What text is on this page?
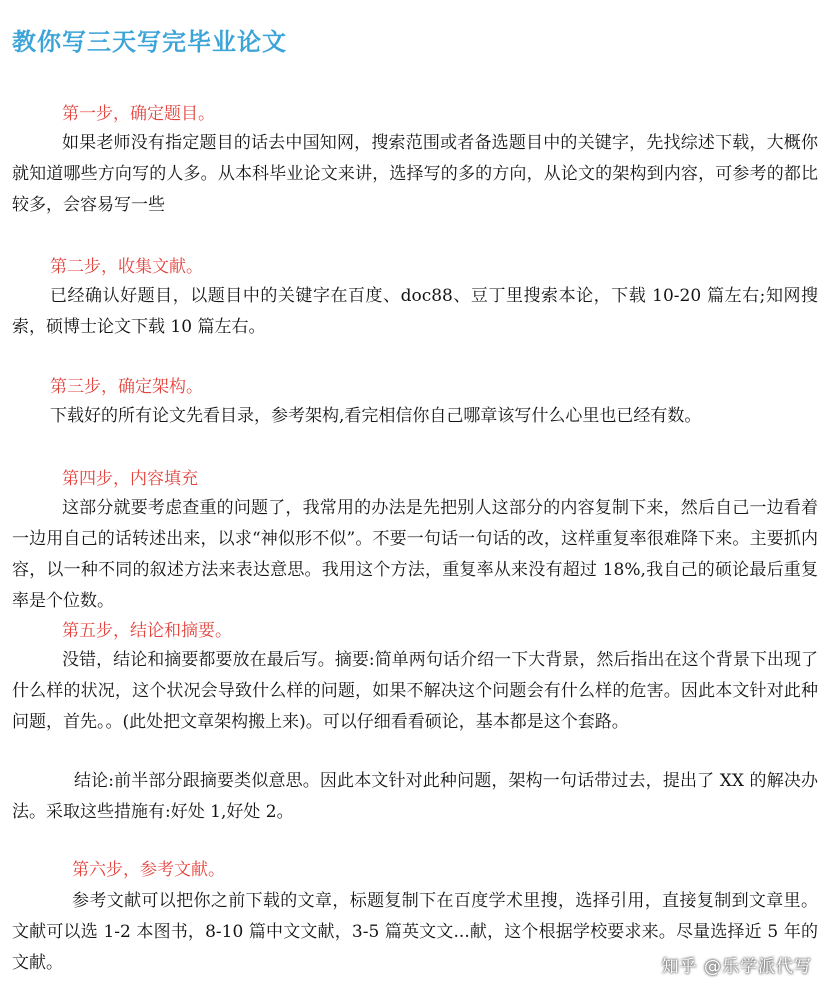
教你写三天写完毕业论文
第一步，确定题目。

如果老师没有指定题目的话去中国知网，搜索范围或者备选题目中的关键字，先找综述下载，大概你就知道哪些方向写的人多。从本科毕业论文来讲，选择写的多的方向，从论文的架构到内容，可参考的都比较多，会容易写一些

第二步，收集文献。

已经确认好题目，以题目中的关键字在百度、doc88、豆丁里搜索本论，下载 10-20 篇左右;知网搜索，硕博士论文下载 10 篇左右。

第三步，确定架构。

下载好的所有论文先看目录，参考架构,看完相信你自己哪章该写什么心里也已经有数。

第四步，内容填充

这部分就要考虑查重的问题了，我常用的办法是先把别人这部分的内容复制下来，然后自己一边看着一边用自己的话转述出来，以求“神似形不似”。不要一句话一句话的改，这样重复率很难降下来。主要抓内容，以一种不同的叙述方法来表达意思。我用这个方法，重复率从来没有超过 18%,我自己的硕论最后重复率是个位数。

第五步，结论和摘要。

没错，结论和摘要都要放在最后写。摘要:简单两句话介绍一下大背景，然后指出在这个背景下出现了什么样的状况，这个状况会导致什么样的问题，如果不解决这个问题会有什么样的危害。因此本文针对此种问题，首先。。(此处把文章架构搬上来)。可以仔细看看硕论，基本都是这个套路。

结论:前半部分跟摘要类似意思。因此本文针对此种问题，架构一句话带过去，提出了 XX 的解决办法。采取这些措施有:好处 1,好处 2。

第六步，参考文献。

参考文献可以把你之前下载的文章，标题复制下在百度学术里搜，选择引用，直接复制到文章里。文献可以选 1-2 本图书，8-10 篇中文文献，3-5 篇英文文...献，这个根据学校要求来。尽量选择近 5 年的文献。	知乎 @乐学派代写
